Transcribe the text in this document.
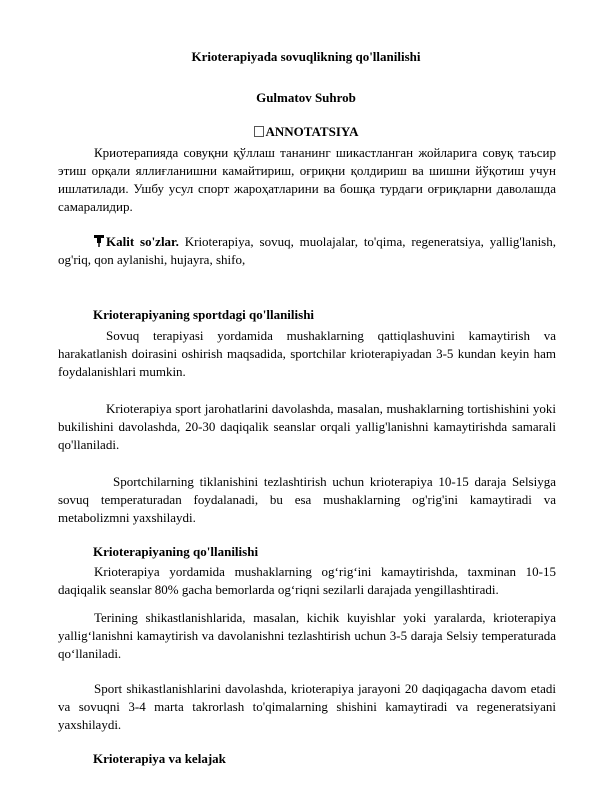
Krioterapiyada sovuqlikning qo'llanilishi
Gulmatov Suhrob
ANNOTATSIYA

Криотерапияда совуқни қўллаш тананинг шикастланган жойларига совуқ таъсир этиш орқали яллиғланишни камайтириш, оғриқни қолдириш ва шишни йўқотиш учун ишлатилади. Ушбу усул спорт жароҳатларини ва бошқа турдаги оғриқларни даволашда самаралидир.

Kalit so'zlar. Krioterapiya, sovuq, muolajalar, to'qima, regeneratsiya, yallig'lanish, og'riq, qon aylanishi, hujayra, shifo,

Krioterapiyaning sportdagi qo'llanilishi

Sovuq terapiyasi yordamida mushaklarning qattiqlashuvini kamaytirish va harakatlanish doirasini oshirish maqsadida, sportchilar krioterapiyadan 3-5 kundan keyin ham foydalanishlari mumkin.

Krioterapiya sport jarohatlarini davolashda, masalan, mushaklarning tortishishini yoki bukilishini davolashda, 20-30 daqiqalik seanslar orqali yallig'lanishni kamaytirishda samarali qo'llaniladi.

Sportchilarning tiklanishini tezlashtirish uchun krioterapiya 10-15 daraja Selsiyga sovuq temperaturadan foydalanadi, bu esa mushaklarning og'rig'ini kamaytiradi va metabolizmni yaxshilaydi.

Krioterapiyaning qo'llanilishi

Krioterapiya yordamida mushaklarning og‘rig‘ini kamaytirishda, taxminan 10-15 daqiqalik seanslar 80% gacha bemorlarda og‘riqni sezilarli darajada yengillashtiradi.

Terining shikastlanishlarida, masalan, kichik kuyishlar yoki yaralarda, krioterapiya yallig‘lanishni kamaytirish va davolanishni tezlashtirish uchun 3-5 daraja Selsiy temperaturada qo‘llaniladi.

Sport shikastlanishlarini davolashda, krioterapiya jarayoni 20 daqiqagacha davom etadi va sovuqni 3-4 marta takrorlash to'qimalarning shishini kamaytiradi va regeneratsiyani yaxshilaydi.

Krioterapiya va kelajak
